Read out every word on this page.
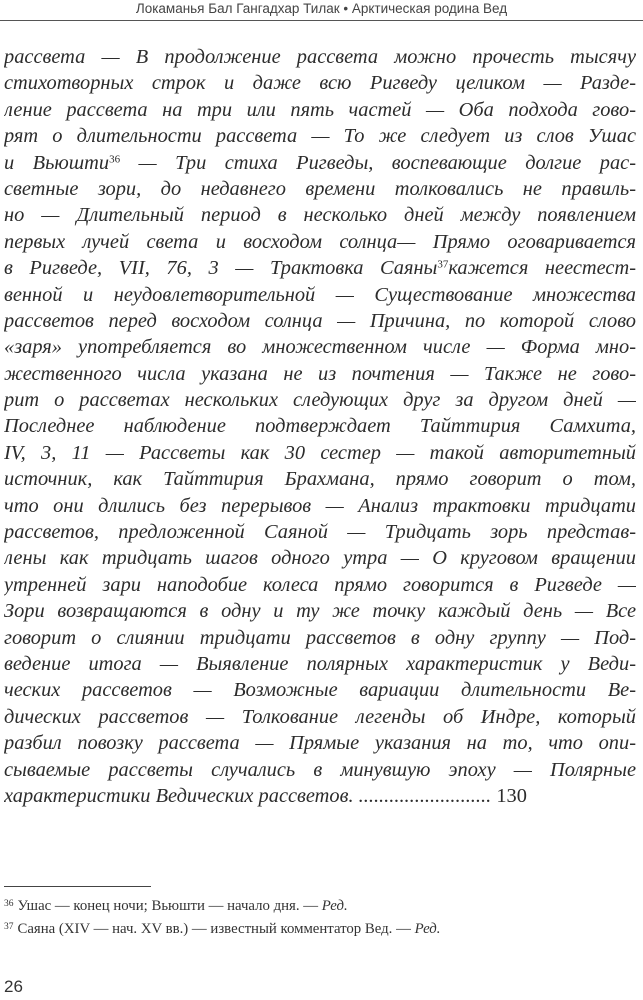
Локаманья Бал Гангадхар Тилак • Арктическая родина Вед
рассвета — В продолжение рассвета можно прочесть тысячу
стихотворных строк и даже всю Ригведу целиком — Разде-
ление рассвета на три или пять частей — Оба подхода гово-
рят о длительности рассвета — То же следует из слов Ушас
и Вьюшти$^{36}$ — Три стиха Ригведы, воспевающие долгие рас-
светные зори, до недавнего времени толковались не правиль-
но — Длительный период в несколько дней между появлением
первых лучей света и восходом солнца— Прямо оговаривается
в Ригведе, VII, 76, 3 — Трактовка Саяны$^{37}$кажется неестест-
венной и неудовлетворительной — Существование множества
рассветов перед восходом солнца — Причина, по которой слово
«заря» употребляется во множественном числе — Форма мно-
жественного числа указана не из почтения — Также не гово-
рит о рассветах нескольких следующих друг за другом дней —
Последнее наблюдение подтверждает Тайттирия Самхита,
IV, 3, 11 — Рассветы как 30 сестер — такой авторитетный
источник, как Тайттирия Брахмана, прямо говорит о том,
что они длились без перерывов — Анализ трактовки тридцати
рассветов, предложенной Саяной — Тридцать зорь представ-
лены как тридцать шагов одного утра — О круговом вращении
утренней зари наподобие колеса прямо говорится в Ригведе —
Зори возвращаются в одну и ту же точку каждый день — Все
говорит о слиянии тридцати рассветов в одну группу — Под-
ведение итога — Выявление полярных характеристик у Веди-
ческих рассветов — Возможные вариации длительности Ве-
дических рассветов — Толкование легенды об Индре, который
разбил повозку рассвета — Прямые указания на то, что опи-
сываемые рассветы случались в минувшую эпоху — Полярные
характеристики Ведических рассветов. .......................... 130
$^{36}$ Ушас — конец ночи; Вьюшти — начало дня. — Ред.
$^{37}$ Саяна (XIV — нач. XV вв.) — известный комментатор Вед. — Ред.
26
